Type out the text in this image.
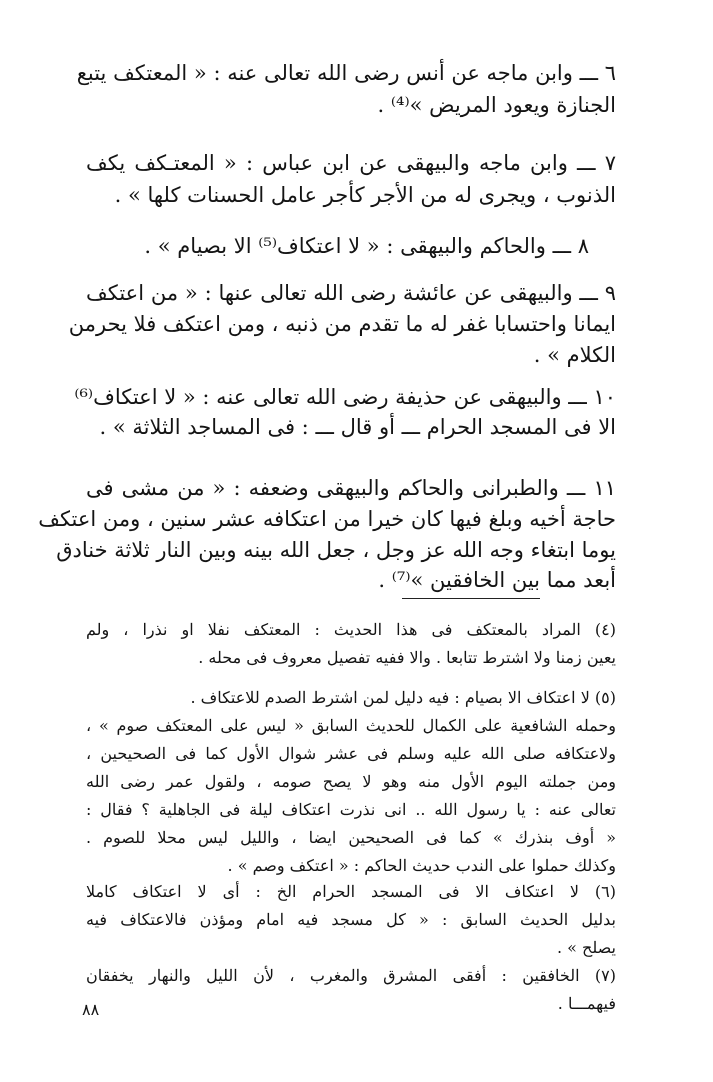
٦ ـــ وابن ماجه عن أنس رضى الله تعالى عنه : « المعتكف يتبع
الجنازة ويعود المريض »⁽⁴⁾ .
٧ ـــ وابن ماجه والبيهقى عن ابن عباس : « المعتـكف يكف
الذنوب ، ويجرى له من الأجر كأجر عامل الحسنات كلها » .
٨ ـــ والحاكم والبيهقى : « لا اعتكاف⁽⁵⁾ الا بصيام » .
٩ ـــ والبيهقى عن عائشة رضى الله تعالى عنها : « من اعتكف
ايمانا واحتسابا غفر له ما تقدم من ذنبه ، ومن اعتكف فلا يحرمن
الكلام » .
١٠ ـــ والبيهقى عن حذيفة رضى الله تعالى عنه : « لا اعتكاف⁽⁶⁾
الا فى المسجد الحرام ـــ أو قال ـــ : فى المساجد الثلاثة » .
١١ ـــ والطبرانى والحاكم والبيهقى وضعفه : « من مشى فى
حاجة أخيه وبلغ فيها كان خيرا من اعتكافه عشر سنين ، ومن اعتكف
يوما ابتغاء وجه الله عز وجل ، جعل الله بينه وبين النار ثلاثة خنادق
أبعد مما بين الخافقين »⁽⁷⁾ .
(٤) المراد بالمعتكف فى هذا الحديث : المعتكف نفلا او نذرا ، ولم
يعين زمنا ولا اشترط تتابعا . والا ففيه تفصيل معروف فى محله .
(٥) لا اعتكاف الا بصيام : فيه دليل لمن اشترط الصدم للاعتكاف .
وحمله الشافعية على الكمال للحديث السابق « ليس على المعتكف صوم » ،
ولاعتكافه صلى الله عليه وسلم فى عشر شوال الأول كما فى الصحيحين ،
ومن جملته اليوم الأول منه وهو لا يصح صومه ، ولقول عمر رضى الله
تعالى عنه : يا رسول الله .. انى نذرت اعتكاف ليلة فى الجاهلية ؟ فقال :
« أوف بنذرك » كما فى الصحيحين ايضا ، والليل ليس محلا للصوم .
وكذلك حملوا على الندب حديث الحاكم : « اعتكف وصم » .
(٦) لا اعتكاف الا فى المسجد الحرام الخ : أى لا اعتكاف كاملا
بدليل الحديث السابق : « كل مسجد فيه امام ومؤذن فالاعتكاف فيه
يصلح » .
(٧) الخافقين : أفقى المشرق والمغرب ، لأن الليل والنهار يخفقان
فيهمـــا .
٨٨
